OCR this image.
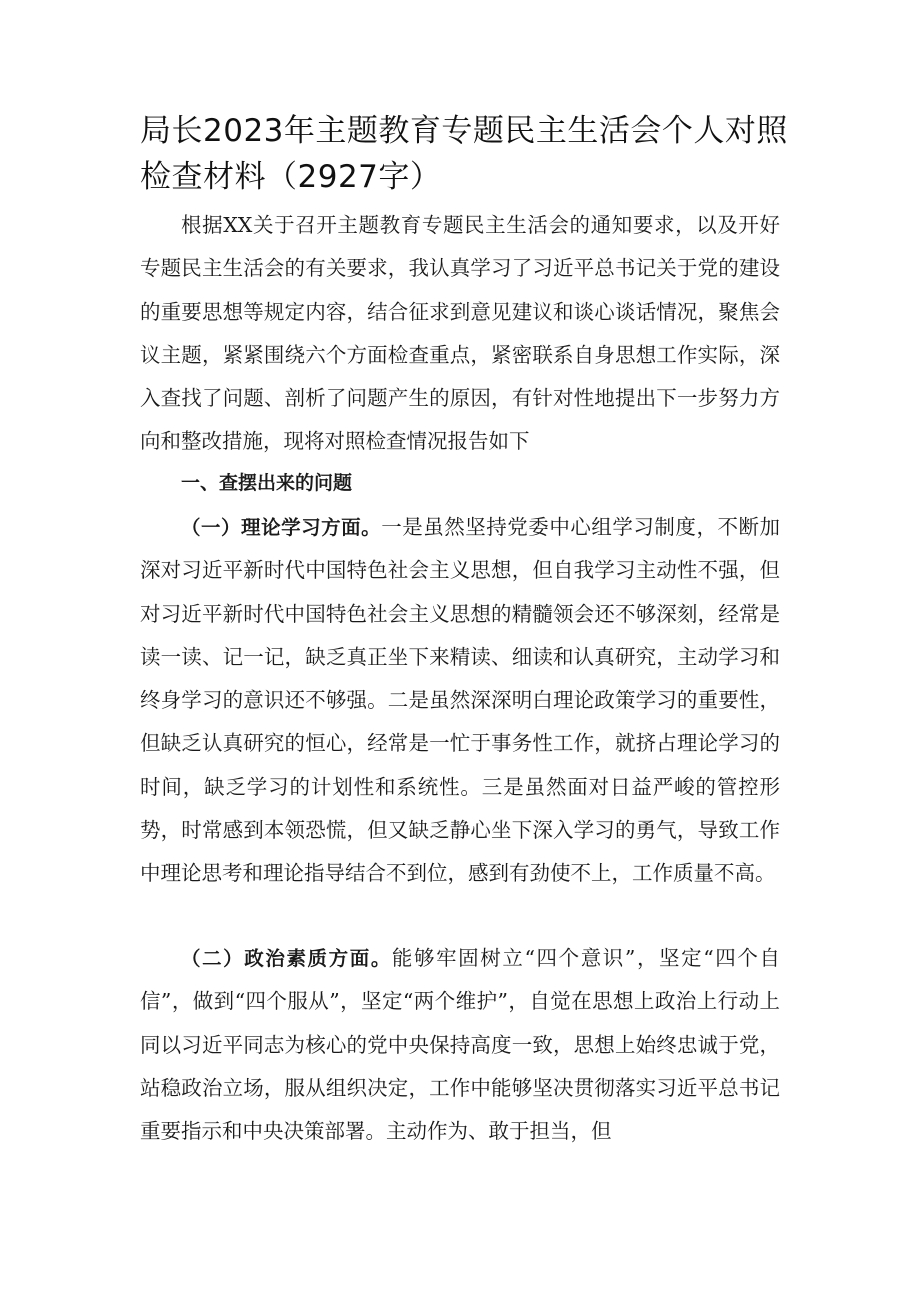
局长2023年主题教育专题民主生活会个人对照检查材料（2927字）

根据XX关于召开主题教育专题民主生活会的通知要求，以及开好专题民主生活会的有关要求，我认真学习了习近平总书记关于党的建设的重要思想等规定内容，结合征求到意见建议和谈心谈话情况，聚焦会议主题，紧紧围绕六个方面检查重点，紧密联系自身思想工作实际，深入查找了问题、剖析了问题产生的原因，有针对性地提出下一步努力方向和整改措施，现将对照检查情况报告如下

一、查摆出来的问题

（一）理论学习方面。一是虽然坚持党委中心组学习制度，不断加深对习近平新时代中国特色社会主义思想，但自我学习主动性不强，但对习近平新时代中国特色社会主义思想的精髓领会还不够深刻，经常是读一读、记一记，缺乏真正坐下来精读、细读和认真研究，主动学习和终身学习的意识还不够强。二是虽然深深明白理论政策学习的重要性，但缺乏认真研究的恒心，经常是一忙于事务性工作，就挤占理论学习的时间，缺乏学习的计划性和系统性。三是虽然面对日益严峻的管控形势，时常感到本领恐慌，但又缺乏静心坐下深入学习的勇气，导致工作中理论思考和理论指导结合不到位，感到有劲使不上，工作质量不高。

（二）政治素质方面。能够牢固树立“四个意识”，坚定“四个自信”，做到“四个服从”，坚定“两个维护”，自觉在思想上政治上行动上同以习近平同志为核心的党中央保持高度一致，思想上始终忠诚于党，站稳政治立场，服从组织决定，工作中能够坚决贯彻落实习近平总书记重要指示和中央决策部署。主动作为、敢于担当，但
